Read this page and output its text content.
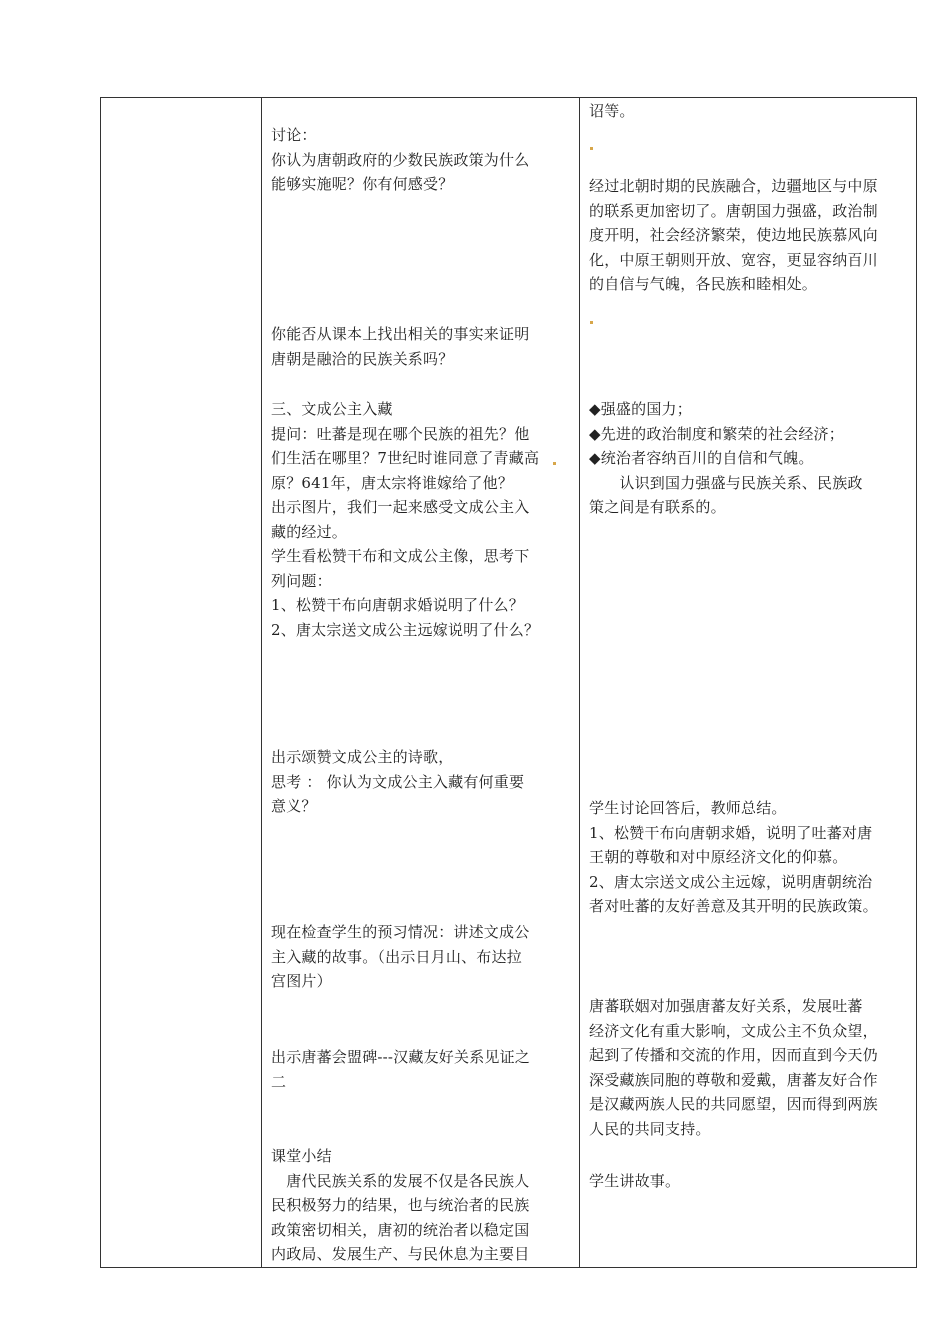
讨论：
你认为唐朝政府的少数民族政策为什么
能够实施呢？你有何感受？
你能否从课本上找出相关的事实来证明
唐朝是融洽的民族关系吗？
三、文成公主入藏
提问：吐蕃是现在哪个民族的祖先？他
们生活在哪里？7世纪时谁同意了青藏高
原？641年，唐太宗将谁嫁给了他？
出示图片，我们一起来感受文成公主入
藏的经过。
学生看松赞干布和文成公主像，思考下
列问题：
1、松赞干布向唐朝求婚说明了什么？
2、唐太宗送文成公主远嫁说明了什么？
出示颂赞文成公主的诗歌，
思考 ： 你认为文成公主入藏有何重要
意义？
现在检查学生的预习情况：讲述文成公
主入藏的故事。（出示日月山、布达拉
宫图片）
出示唐蕃会盟碑---汉藏友好关系见证之
二
课堂小结
　唐代民族关系的发展不仅是各民族人
民积极努力的结果，也与统治者的民族
政策密切相关，唐初的统治者以稳定国
内政局、发展生产、与民休息为主要目
诏等。
经过北朝时期的民族融合，边疆地区与中原
的联系更加密切了。唐朝国力强盛，政治制
度开明，社会经济繁荣，使边地民族慕风向
化，中原王朝则开放、宽容，更显容纳百川
的自信与气魄，各民族和睦相处。
◆强盛的国力；
◆先进的政治制度和繁荣的社会经济；
◆统治者容纳百川的自信和气魄。
　　认识到国力强盛与民族关系、民族政
策之间是有联系的。
学生讨论回答后，教师总结。
1、松赞干布向唐朝求婚，说明了吐蕃对唐
王朝的尊敬和对中原经济文化的仰慕。
2、唐太宗送文成公主远嫁，说明唐朝统治
者对吐蕃的友好善意及其开明的民族政策。
唐蕃联姻对加强唐蕃友好关系，发展吐蕃
经济文化有重大影响，文成公主不负众望，
起到了传播和交流的作用，因而直到今天仍
深受藏族同胞的尊敬和爱戴，唐蕃友好合作
是汉藏两族人民的共同愿望，因而得到两族
人民的共同支持。
学生讲故事。
